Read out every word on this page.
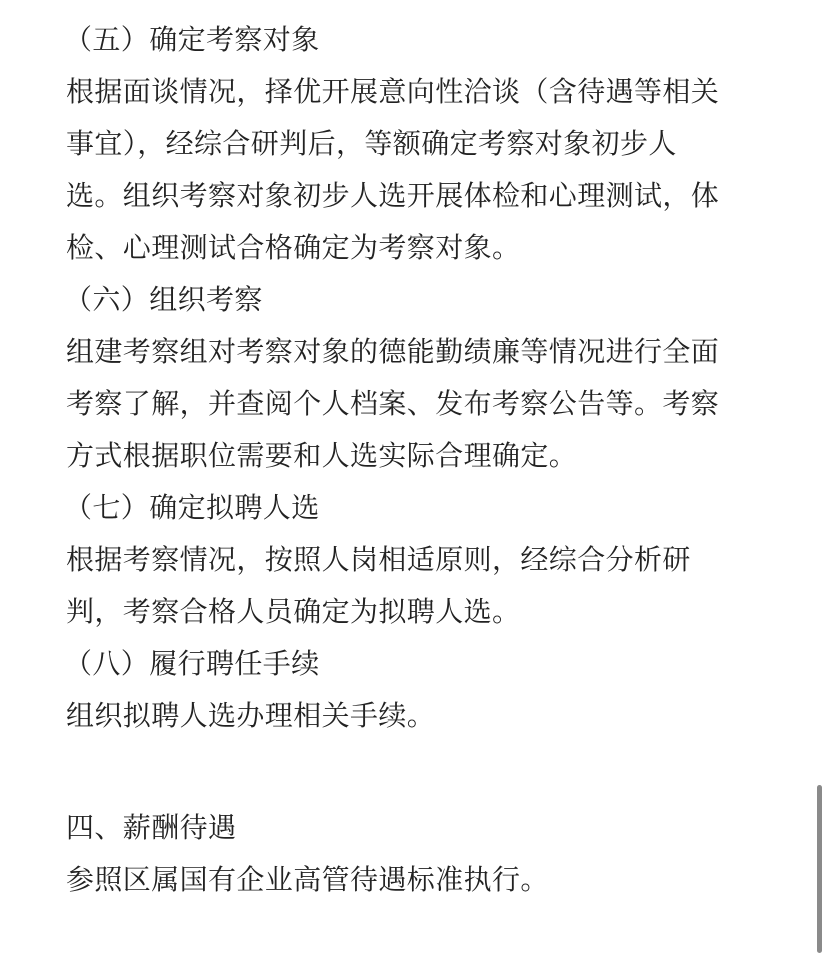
（五）确定考察对象
根据面谈情况，择优开展意向性洽谈（含待遇等相关
事宜），经综合研判后，等额确定考察对象初步人
选。组织考察对象初步人选开展体检和心理测试，体
检、心理测试合格确定为考察对象。
（六）组织考察
组建考察组对考察对象的德能勤绩廉等情况进行全面
考察了解，并查阅个人档案、发布考察公告等。考察
方式根据职位需要和人选实际合理确定。
（七）确定拟聘人选
根据考察情况，按照人岗相适原则，经综合分析研
判，考察合格人员确定为拟聘人选。
（八）履行聘任手续
组织拟聘人选办理相关手续。
四、薪酬待遇
参照区属国有企业高管待遇标准执行。
